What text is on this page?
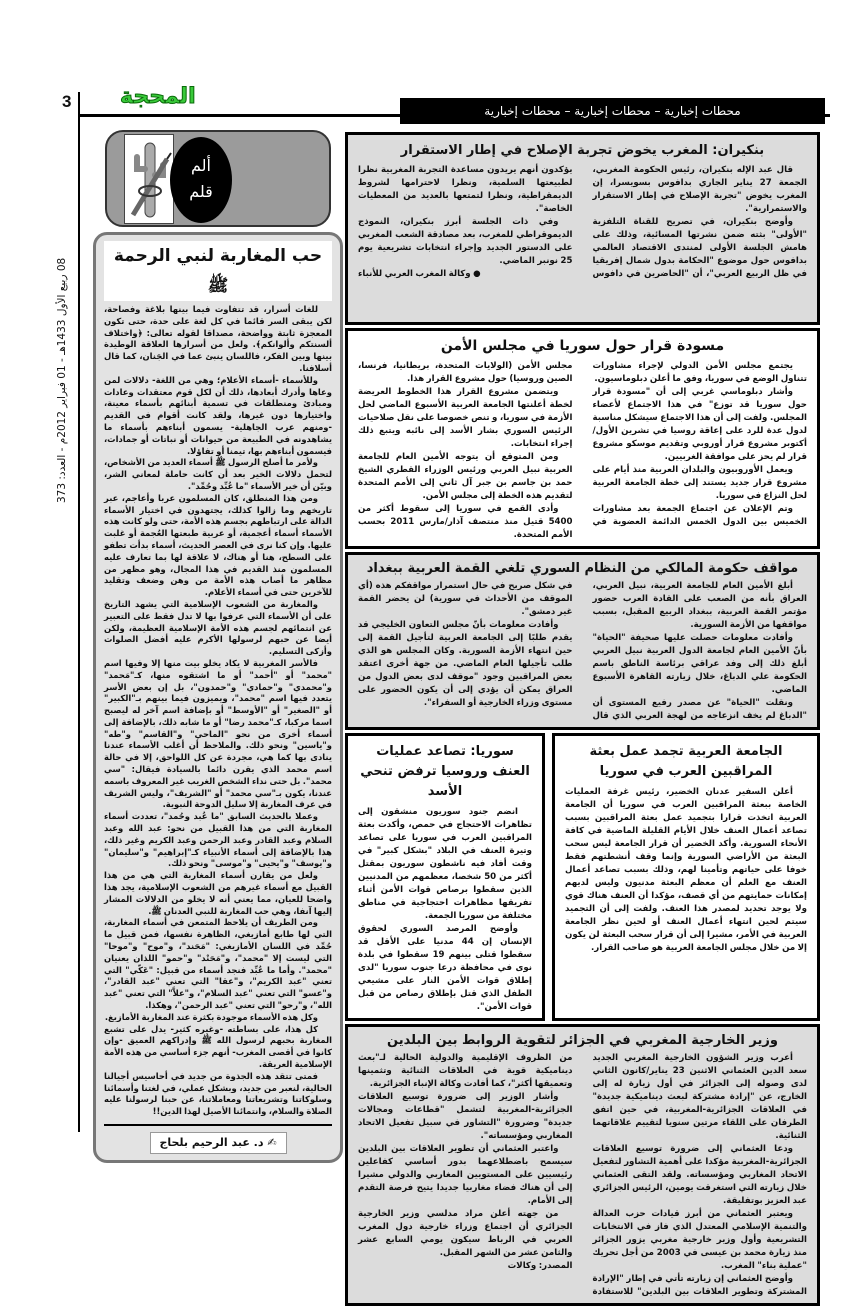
3 المحجة
محطات إخبارية – محطات إخبارية – محطات إخبارية
08 ربيع الأول 1433هـ - 01 فبراير 2012م - العدد: 373
ألم
قلم
حب المغاربة لنبي الرحمة ﷺ

للغات أسرار، قد تتفاوت فيما بينها بلاغة وفصاحة، لكن يبقى السر قائما في كل لغة على حدة، حتى تكون المعجزة ثابتة وواضحة، مصداقا لقوله تعالى: ﴿واختلاف ألسنتكم وألوانكم﴾. ولعل من أسرارها العلاقة الوطيدة بينها وبين الفكر، فاللسان ينبئ عما في الجَنان، كما قال أسلافنا.

وللأسماء -أسماء الأعلام؛ وهي من اللغة- دلالات لمن وعاها وأدرك أبعادها، ذلك أن لكل قوم معتقدات وعادات ومبادئ ومنطلقات في تسمية أبنائهم بأسماء معينة، واختيارها دون غيرها، ولقد كانت أقوام في القديم -ومنهم عرب الجاهلية- يسمون أبناءهم بأسماء ما يشاهدونه في الطبيعة من حيوانات أو نباتات أو جمادات، فيسمون أبناءهم بها، تيمنا أو تفاؤلا.

ولأمر ما أصلح الرسول ﷺ أسماء العديد من الأشخاص، لتحمل دلالات الخير بعد أن كانت حاملة لمعاني الشر، وبيّن أن خير الأسماء "ما عُبِّد وحُمِّد".

ومن هذا المنطلق، كان المسلمون عربا وأعاجم، عبر تاريخهم وما زالوا كذلك، يجتهدون في اختيار الأسماء الدالة على ارتباطهم بجسم هذه الأمة، حتى ولو كانت هذه الأسماء أسماء أعجمية، أو عربية طبعتها العُجمة أو غلبت عليها. وإن كنا نرى في العصر الحديث، أسماء بدأت تطفو على السطح، هنا أو هناك، لا علاقة لها بما تعارف عليه المسلمون منذ القديم في هذا المجال، وهو مظهر من مظاهر ما أصاب هذه الأمة من وهن وضعف وتقليد للآخرين حتى في أسماء الأعلام.

والمغاربة من الشعوب الإسلامية التي يشهد التاريخ على أن الأسماء التي عرفوا بها لا تدل فقط على التعبير عن انتمائهم لجسم هذه الأمة الإسلامية العظيمة، ولكن أيضا عن حبهم لرسولها الأكرم عليه أفضل الصلوات وأزكى التسليم.

فالأسر المغربية لا يكاد يخلو بيت منها إلا وفيها اسم "محمد" أو "أحمد" أو ما اشتقوه منها، كـ"مَحمد" و"محمدي" و"حمادي" و"حمدون"، بل إن بعض الأسر يتعدد فيها اسم "محمد"، ويميزون فيما بينهم بـ"الكبير" أو "الصغير" أو "الأوسط" أو بإضافة اسم آخر له ليصبح اسما مركبا، كـ"محمد رضا" أو ما شابه ذلك، بالإضافة إلى أسماء أخرى من نحو "الماحي" و"القاسم" و"طه" و"ياسين" ونحو ذلك. والملاحظ أن أغلب الأسماء عندنا ينادى بها كما هي، مجردة عن كل اللواحق، إلا في حالة اسم محمد الذي يقرن دائما بالسيادة فيقال: "سي محمد". بل حتى نداء الشخص الغريب غير المعروف باسمه عندنا، يكون بـ"سي محمد" أو "الشريف"، وليس الشريف في عرف المغاربة إلا سليل الدوحة النبوية.

وعملا بالحديث السابق "ما عُبد وحُمد"، تعددت أسماء المغاربة التي من هذا القبيل من نحو: عبد الله وعبد السلام وعبد القادر وعبد الرحمن وعبد الكريم وغير ذلك، هذا بالإضافة إلى أسماء الأنبياء كـ"إبراهيم" و"سليمان" و"يوسف" و"يحيى" و"موسى" ونحو ذلك.

ولعل من يقارن أسماء المغاربة التي هي من هذا القبيل مع أسماء غيرهم من الشعوب الإسلامية، يجد هذا واضحا للعيان، مما يعني أنه لا يخلو من الدلالات المشار إليها آنفا، وهي حب المغاربة للنبي العدنان ﷺ.

ومن الطريف أن يلاحظ المتمعن في أسماء المغاربة، التي لها طابع أمازيغي، الظاهرة نفسها، فمن قبيل ما حُمِّد في اللسان الأمازيغي: "مَحَند"، و"موح" و"موحا" التي ليست إلا "محمد"، و"مَحَنْد" و"حمو" اللذان يعنيان "محمد". وأما ما عُبِّد فنجد أسماء من قبيل: "عَكّي" التي تعني "عبد الكريم"، و"عقا" التي تعني "عبد القادر"، و"عسو" التي تعني "عبد السلام"، و"علاَّ" التي تعني "عبد الله"، و"رحو" التي تعني "عبد الرحمن"، وهكذا.

وكل هذه الأسماء موجودة بكثرة عند المغاربة الأمازيغ.

كل هذا، على بساطته -وغيره كثير- يدل على تشبع المغاربة بحبهم لرسول الله ﷺ وإدراكهم العميق -وإن كانوا في أقصى المغرب- أنهم جزء أساسي من هذه الأمة الإسلامية العريقة.

فمتى تتقد هذه الجذوة من جديد في أحاسيس أجيالنا الحالية، لنعبر من جديد، وبشكل عملي، في لغتنا وأسمائنا وسلوكاتنا وتشريعاتنا ومعاملاتنا، عن حبنا لرسولنا عليه الصلاة والسلام، وانتمائنا الأصيل لهذا الدين!!

✍ د. عبد الرحيم بلحاج
بنكيران: المغرب يخوض تجربة الإصلاح في إطار الاستقرار

قال عبد الإله بنكيران، رئيس الحكومة المغربي، الجمعة 27 يناير الجاري بدافوس بسويسرا، إن المغرب يخوض "تجربة الإصلاح في إطار الاستقرار والاستمرارية".

وأوضح بنكيران، في تصريح للقناة التلفزية "الأولى" بثته ضمن نشرتها المسائية، وذلك على هامش الجلسة الأولى لمنتدى الاقتصاد العالمي بدافوس حول موضوع "الحكامة بدول شمال إفريقيا في ظل الربيع العربي"، أن "الحاضرين في دافوس يؤكدون أنهم يريدون مساعدة التجربة المغربية نظرا لطبيعتها السلمية، ونظرا لاحترامها لشروط الديمقراطية، ونظرا لتمتعها بالعديد من المعطيات الخاصة".

وفي ذات الجلسة أبرز بنكيران، النموذج الديموقراطي للمغرب، بعد مصادقة الشعب المغربي على الدستور الجديد وإجراء انتخابات تشريعية يوم 25 نونبر الماضي.

● وكالة المغرب العربي للأنباء

مسودة قرار حول سوريا في مجلس الأمن

يجتمع مجلس الأمن الدولي لإجراء مشاورات تتناول الوضع في سوريا، وفق ما أعلن دبلوماسيون.

وأشار دبلوماسي غربي إلى أن "مسودة قرار حول سوريا قد توزع" في هذا الاجتماع لأعضاء المجلس. ولفت إلى أن هذا الاجتماع سيشكل مناسبة لدول عدة للرد على إعاقة روسيا في تشرين الأول/أكتوبر مشروع قرار أوروبي وتقديم موسكو مشروع قرار لم يحز على موافقة الغربيين.

ويعمل الأوروبيون والبلدان العربية منذ أيام على مشروع قرار جديد يستند إلى خطة الجامعة العربية لحل النزاع في سوريا.

وتم الإعلان عن اجتماع الجمعة بعد مشاورات الخميس بين الدول الخمس الدائمة العضوية في مجلس الأمن (الولايات المتحدة، بريطانيا، فرنسا، الصين وروسيا) حول مشروع القرار هذا.

ويتضمن مشروع القرار هذا الخطوط العريضة لخطة أعلنتها الجامعة العربية الأسبوع الماضي لحل الأزمة في سوريا، و تنص خصوصا على نقل صلاحيات الرئيس السوري بشار الأسد إلى نائبه ويتبع ذلك إجراء انتخابات.

ومن المتوقع أن يتوجه الأمين العام للجامعة العربية نبيل العربي ورئيس الوزراء القطري الشيخ حمد بن جاسم بن جبر آل ثاني إلى الأمم المتحدة لتقديم هذه الخطة إلى مجلس الأمن.

وأدى القمع في سوريا إلى سقوط أكثر من 5400 قتيل منذ منتصف آذار/مارس 2011 بحسب الأمم المتحدة.

مواقف حكومة المالكي من النظام السوري تلغي القمة العربية ببغداد

أبلغ الأمين العام للجامعة العربية، نبيل العربي، العراق بأنه من الصعب على القادة العرب حضور مؤتمر القمة العربية، ببغداد الربيع المقبل، بسبب مواقفها من الأزمة السورية.

وأفادت معلومات حصلت عليها صحيفة "الحياة" بأنّ الأمين العام لجامعة الدول العربية نبيل العربي أبلغ ذلك إلى وفد عراقي برئاسة الناطق باسم الحكومة علي الدباغ، خلال زيارته القاهرة الأسبوع الماضي.

ونقلت "الحياة" عن مصدر رفيع المستوى أن "الدباغ لم يخف انزعاجه من لهجة العربي الذي قال في شكل صريح في حال استمرار مواقفكم هذه (أي الموقف من الأحداث في سورية) لن يحضر القمة غير دمشق".

وأفادت معلومات بأنّ مجلس التعاون الخليجي قد يقدم طلبًا إلى الجامعة العربية لتأجيل القمة إلى حين انتهاء الأزمة السورية. وكان المجلس هو الذي طلب تأجيلها العام الماضي. من جهة أخرى اعتقد بعض المراقبين وجود "موقف لدى بعض الدول من العراق يمكن أن يؤدي إلى أن يكون الحضور على مستوى وزراء الخارجية أو السفراء".

الجامعة العربية تجمد عمل بعثة المراقبين العرب في سوريا

أعلن السفير عدنان الخضير، رئيس غرفة العمليات الخاصة ببعثة المراقبين العرب في سوريا أن الجامعة العربية اتخذت قرارا بتجميد عمل بعثة المراقبين بسبب تصاعد أعمال العنف خلال الأيام القليلة الماضية في كافة الأنحاء السورية. وأكد الخضير أن قرار الجامعة ليس سحب البعثة من الأراضي السورية وإنما وقف أنشطتهم فقط خوفا على حياتهم وتأمينا لهم، وذلك بسبب تصاعد أعمال العنف مع العلم أن معظم البعثة مدنيون وليس لديهم إمكانات حمايتهم من أي قصف، مؤكدا أن العنف هناك قوي ولا يوجد تحديد لمصدر هذا العنف. ولفت إلى أن التجميد سيتم لحين انتهاء أعمال العنف أو لحين نظر الجامعة العربية في الأمر، مشيرا إلى أن قرار سحب البعثة لن يكون إلا من خلال مجلس الجامعة العربية هو صاحب القرار.

سوريا: تصاعد عمليات العنف وروسيا ترفض تنحي الأسد

انضم جنود سوريون منشقون إلى تظاهرات الاحتجاج في حمص، وأكدت بعثة المراقبين العرب في سوريا على تصاعد وتيرة العنف في البلاد "بشكل كبير" في وقت أفاد فيه ناشطون سوريون بمقتل أكثر من 50 شخصا، معظمهم من المدنيين الذين سقطوا برصاص قوات الأمن أثناء تفريقها مظاهرات احتجاجية في مناطق مختلفة من سوريا الجمعة.

وأوضح المرصد السوري لحقوق الإنسان إن 44 مدنيا على الأقل قد سقطوا قتلى بينهم 19 سقطوا في بلدة نوى في محافظة درعا جنوب سوريا "لدى إطلاق قوات الأمن النار على مشيعي الطفل الذي قتل بإطلاق رصاص من قبل قوات الأمن".

وزير الخارجية المغربي في الجزائر لتقوية الروابط بين البلدين

أعرب وزير الشؤون الخارجية المغربي الجديد سعد الدين العثماني الاثنين 23 يناير/كانون الثاني لدى وصوله إلى الجزائر في أول زيارة له إلى الخارج، عن "إرادة مشتركة لبعث ديناميكية جديدة" في العلاقات الجزائرية-المغربية، في حين اتفق الطرفان على اللقاء مرتين سنويا لتقييم علاقاتهما الثنائية.

ودعا العثماني إلى ضرورة توسيع العلاقات الجزائرية-المغربية مؤكدا على أهمية التشاور لتفعيل الاتحاد المغاربي ومؤسساته. ولقد التقى العثماني خلال زيارته التي استغرقت يومين، الرئيس الجزائري عبد العزيز بوتفليقة.

ويعتبر العثماني من أبرز قيادات حزب العدالة والتنمية الإسلامي المعتدل الذي فاز في الانتخابات التشريعية وأول وزير خارجية مغربي يزور الجزائر منذ زيارة محمد بن عيسى في 2003 من أجل تحريك "عملية بناء" المغرب.

وأوضح العثماني إن زيارته تأتي في إطار "الإرادة المشتركة وتطوير العلاقات بين البلدين" للاستفادة من الظروف الإقليمية والدولية الحالية لـ"بعث ديناميكية قوية في العلاقات الثنائية وتثمينها وتعميقها أكثر"، كما أفادت وكالة الإنباء الجزائرية.

وأشار الوزير إلى ضرورة توسيع العلاقات الجزائرية-المغربية لتشمل "قطاعات ومجالات جديدة" وضرورة "التشاور في سبيل تفعيل الاتحاد المغاربي ومؤسساته".

واعتبر العثماني أن تطوير العلاقات بين البلدين سيسمح باضطلاعهما بدور أساسي كفاعلين رئيسيين على المستويين المغاربي والدولي مشيرا إلى أن هناك فضاء مغاربيا جديدا يتيح فرصة التقدم إلى الأمام.

من جهته أعلن مراد مدلسي وزير الخارجية الجزائري أن اجتماع وزراء خارجية دول المغرب العربي في الرباط سيكون يومي السابع عشر والثامن عشر من الشهر المقبل.

المصدر: وكالات
